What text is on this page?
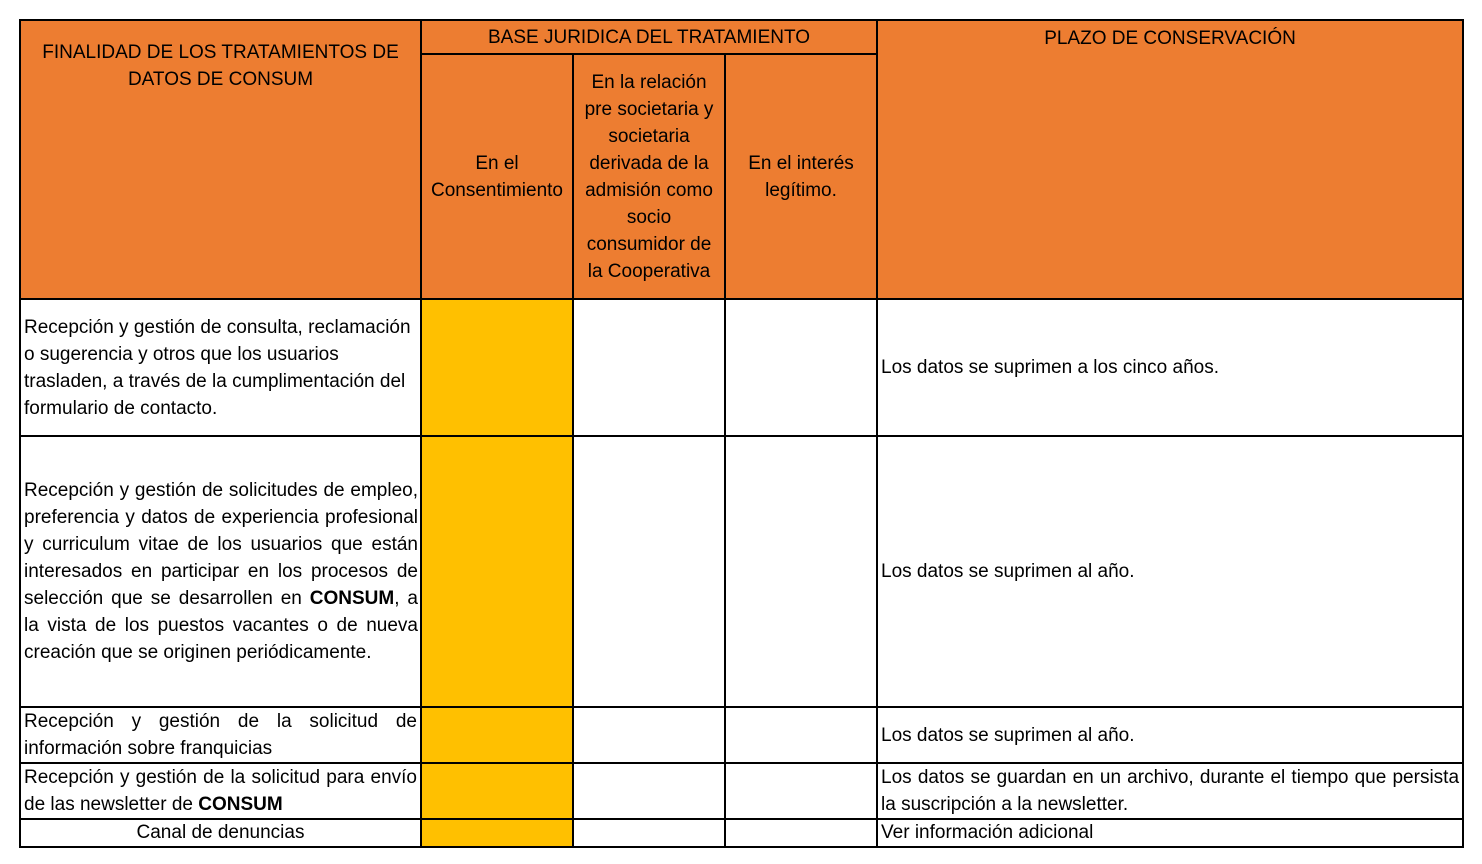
FINALIDAD DE LOS TRATAMIENTOS DE DATOS DE CONSUM	BASE JURIDICA DEL TRATAMIENTO			PLAZO DE CONSERVACIÓN
	En el Consentimiento	En la relación pre societaria y societaria derivada de la admisión como socio consumidor de la Cooperativa	En el interés legítimo.	
Recepción y gestión de consulta, reclamación o sugerencia y otros que los usuarios trasladen, a través de la cumplimentación del formulario de contacto.				Los datos se suprimen a los cinco años.
Recepción y gestión de solicitudes de empleo, preferencia y datos de experiencia profesional y curriculum vitae de los usuarios que están interesados en participar en los procesos de selección que se desarrollen en CONSUM, a la vista de los puestos vacantes o de nueva creación que se originen periódicamente.				Los datos se suprimen al año.
Recepción y gestión de la solicitud de información sobre franquicias				Los datos se suprimen al año.
Recepción y gestión de la solicitud para envío de las newsletter de CONSUM				Los datos se guardan en un archivo, durante el tiempo que persista la suscripción a la newsletter.
Canal de denuncias				Ver información adicional
